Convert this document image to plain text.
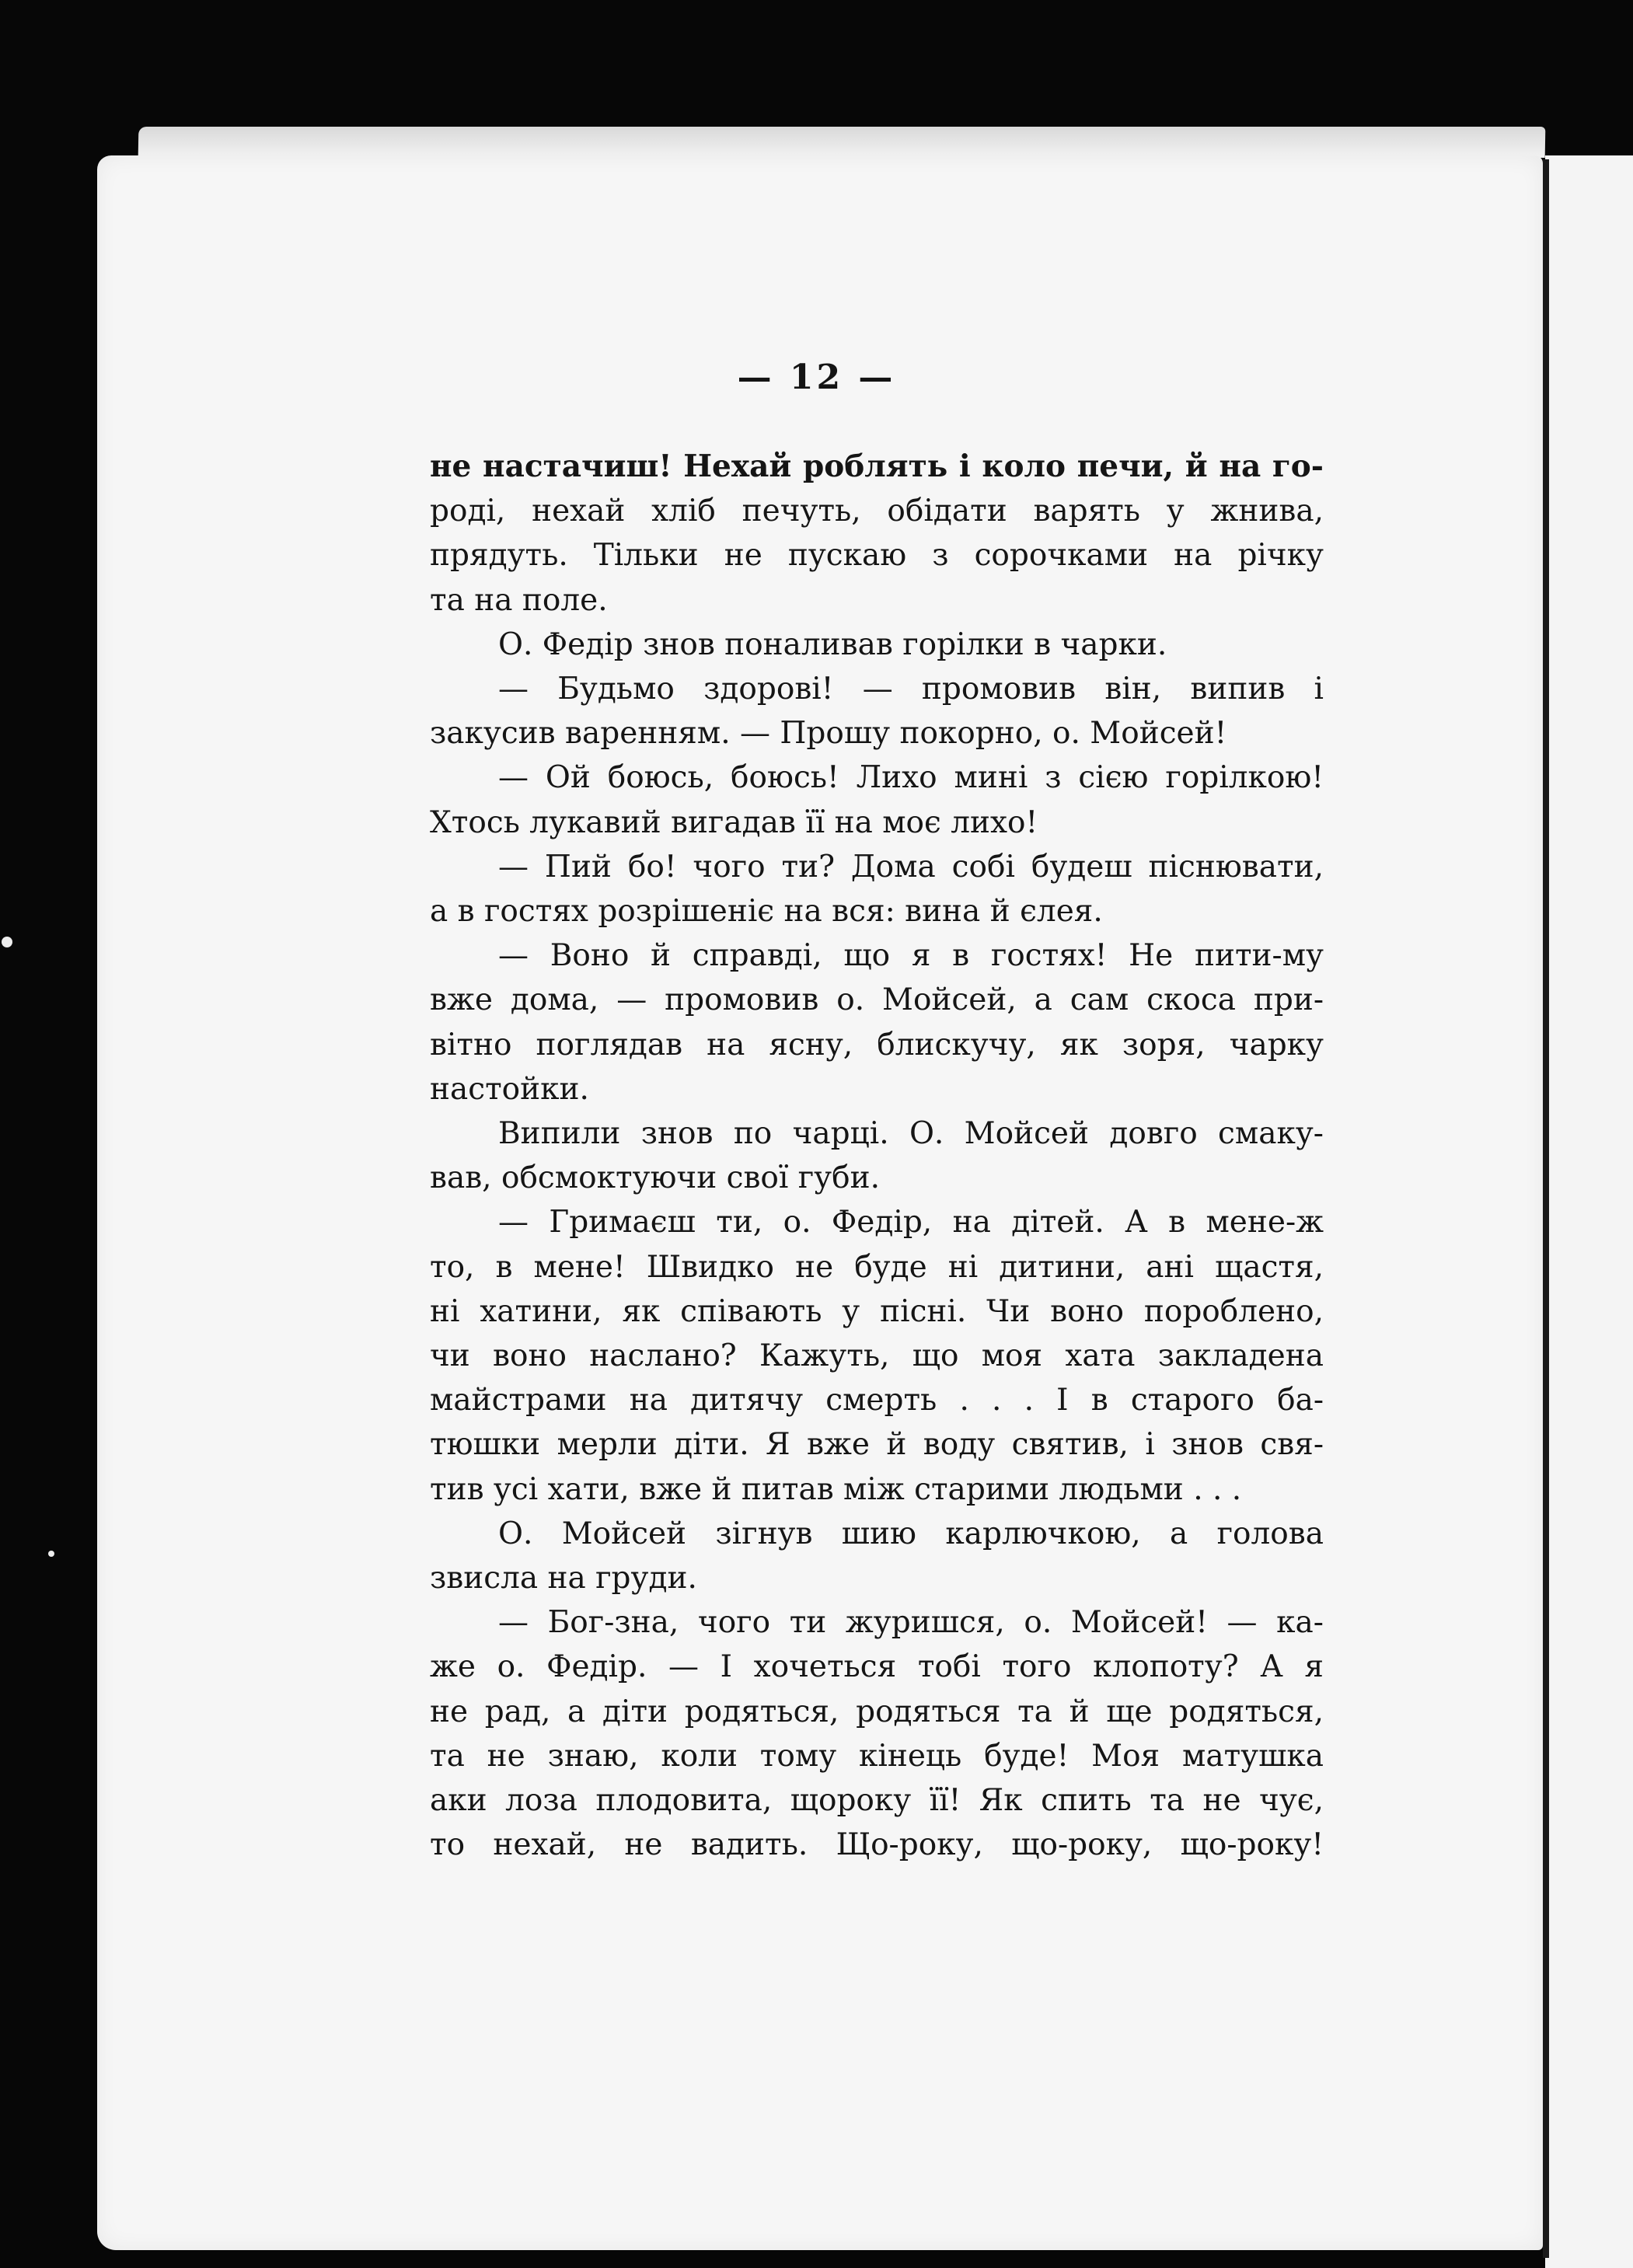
— 12 —
не настачиш! Нехай роблять і коло печи, й на го-
роді, нехай хліб печуть, обідати варять у жнива,
прядуть. Тільки не пускаю з сорочками на річку
та на поле.
О. Федір знов поналивав горілки в чарки.
— Будьмо здорові! — промовив він, випив і
закусив варенням. — Прошу покорно, о. Мойсей!
— Ой боюсь, боюсь! Лихо мині з сією горілкою!
Хтось лукавий вигадав її на моє лихо!
— Пий бо! чого ти? Дома собі будеш піснювати,
а в гостях розрішеніє на вся: вина й єлея.
— Воно й справді, що я в гостях! Не пити-му
вже дома, — промовив о. Мойсей, а сам скоса при-
вітно поглядав на ясну, блискучу, як зоря, чарку
настойки.
Випили знов по чарці. О. Мойсей довго смаку-
вав, обсмоктуючи свої губи.
— Гримаєш ти, о. Федір, на дітей. А в мене-ж
то, в мене! Швидко не буде ні дитини, ані щастя,
ні хатини, як співають у пісні. Чи воно пороблено,
чи воно наслано? Кажуть, що моя хата закладена
майстрами на дитячу смерть . . . І в старого ба-
тюшки мерли діти. Я вже й воду святив, і знов свя-
тив усі хати, вже й питав між старими людьми . . .
О. Мойсей зігнув шию карлючкою, а голова
звисла на груди.
— Бог-зна, чого ти журишся, о. Мойсей! — ка-
же о. Федір. — І хочеться тобі того клопоту? А я
не рад, а діти родяться, родяться та й ще родяться,
та не знаю, коли тому кінець буде! Моя матушка
аки лоза плодовита, щороку її! Як спить та не чує,
то нехай, не вадить. Що-року, що-року, що-року!
